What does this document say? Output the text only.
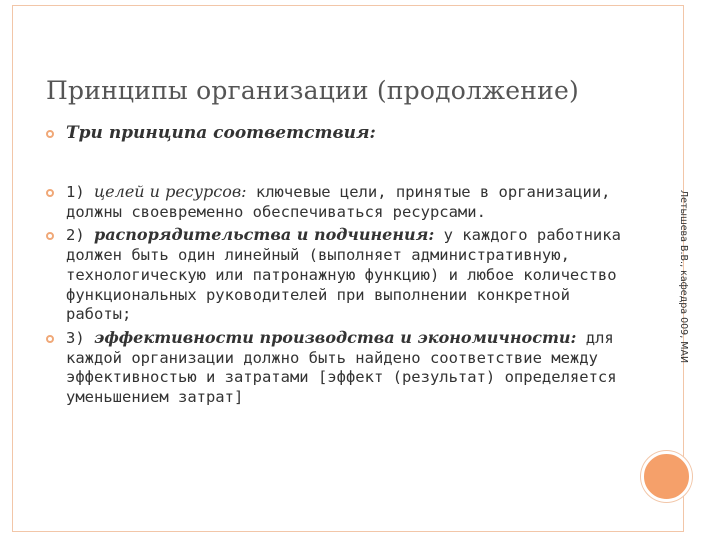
Принципы организации (продолжение)
Три принципа соответствия:
1) целей и ресурсов: ключевые цели, принятые в организации, должны своевременно обеспечиваться ресурсами.
2) распорядительства и подчинения: у каждого работника должен быть один линейный (выполняет административную, технологическую или патронажную функцию) и любое количество функциональных руководителей при выполнении конкретной работы;
3) эффективности производства и экономичности: для каждой организации должно быть найдено соответствие между эффективностью и затратами [эффект (результат) определяется уменьшением затрат]
Летышева В.В., кафедра 009, МАИ
